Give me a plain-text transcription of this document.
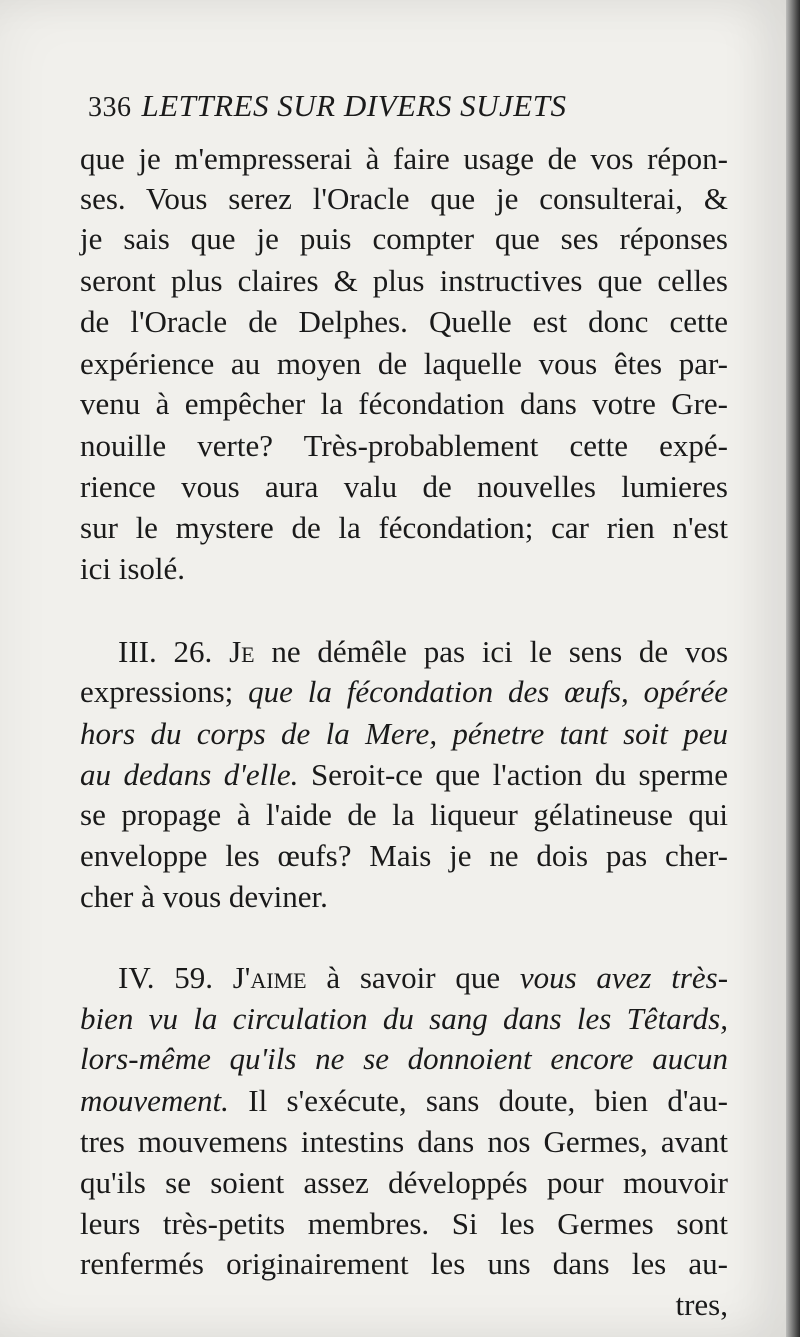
336 LETTRES SUR DIVERS SUJETS
que je m'empresserai à faire usage de vos répon-
ses. Vous serez l'Oracle que je consulterai, &
je sais que je puis compter que ses réponses
seront plus claires & plus instructives que celles
de l'Oracle de Delphes. Quelle est donc cette
expérience au moyen de laquelle vous êtes par-
venu à empêcher la fécondation dans votre Gre-
nouille verte? Très-probablement cette expé-
rience vous aura valu de nouvelles lumieres
sur le mystere de la fécondation; car rien n'est
ici isolé.
III. 26. Je ne démêle pas ici le sens de vos
expressions; que la fécondation des œufs, opérée
hors du corps de la Mere, pénetre tant soit peu
au dedans d'elle. Seroit-ce que l'action du sperme
se propage à l'aide de la liqueur gélatineuse qui
enveloppe les œufs? Mais je ne dois pas cher-
cher à vous deviner.
IV. 59. J'aime à savoir que vous avez très-
bien vu la circulation du sang dans les Têtards,
lors-même qu'ils ne se donnoient encore aucun
mouvement. Il s'exécute, sans doute, bien d'au-
tres mouvemens intestins dans nos Germes, avant
qu'ils se soient assez développés pour mouvoir
leurs très-petits membres. Si les Germes sont
renfermés originairement les uns dans les au-
tres,
